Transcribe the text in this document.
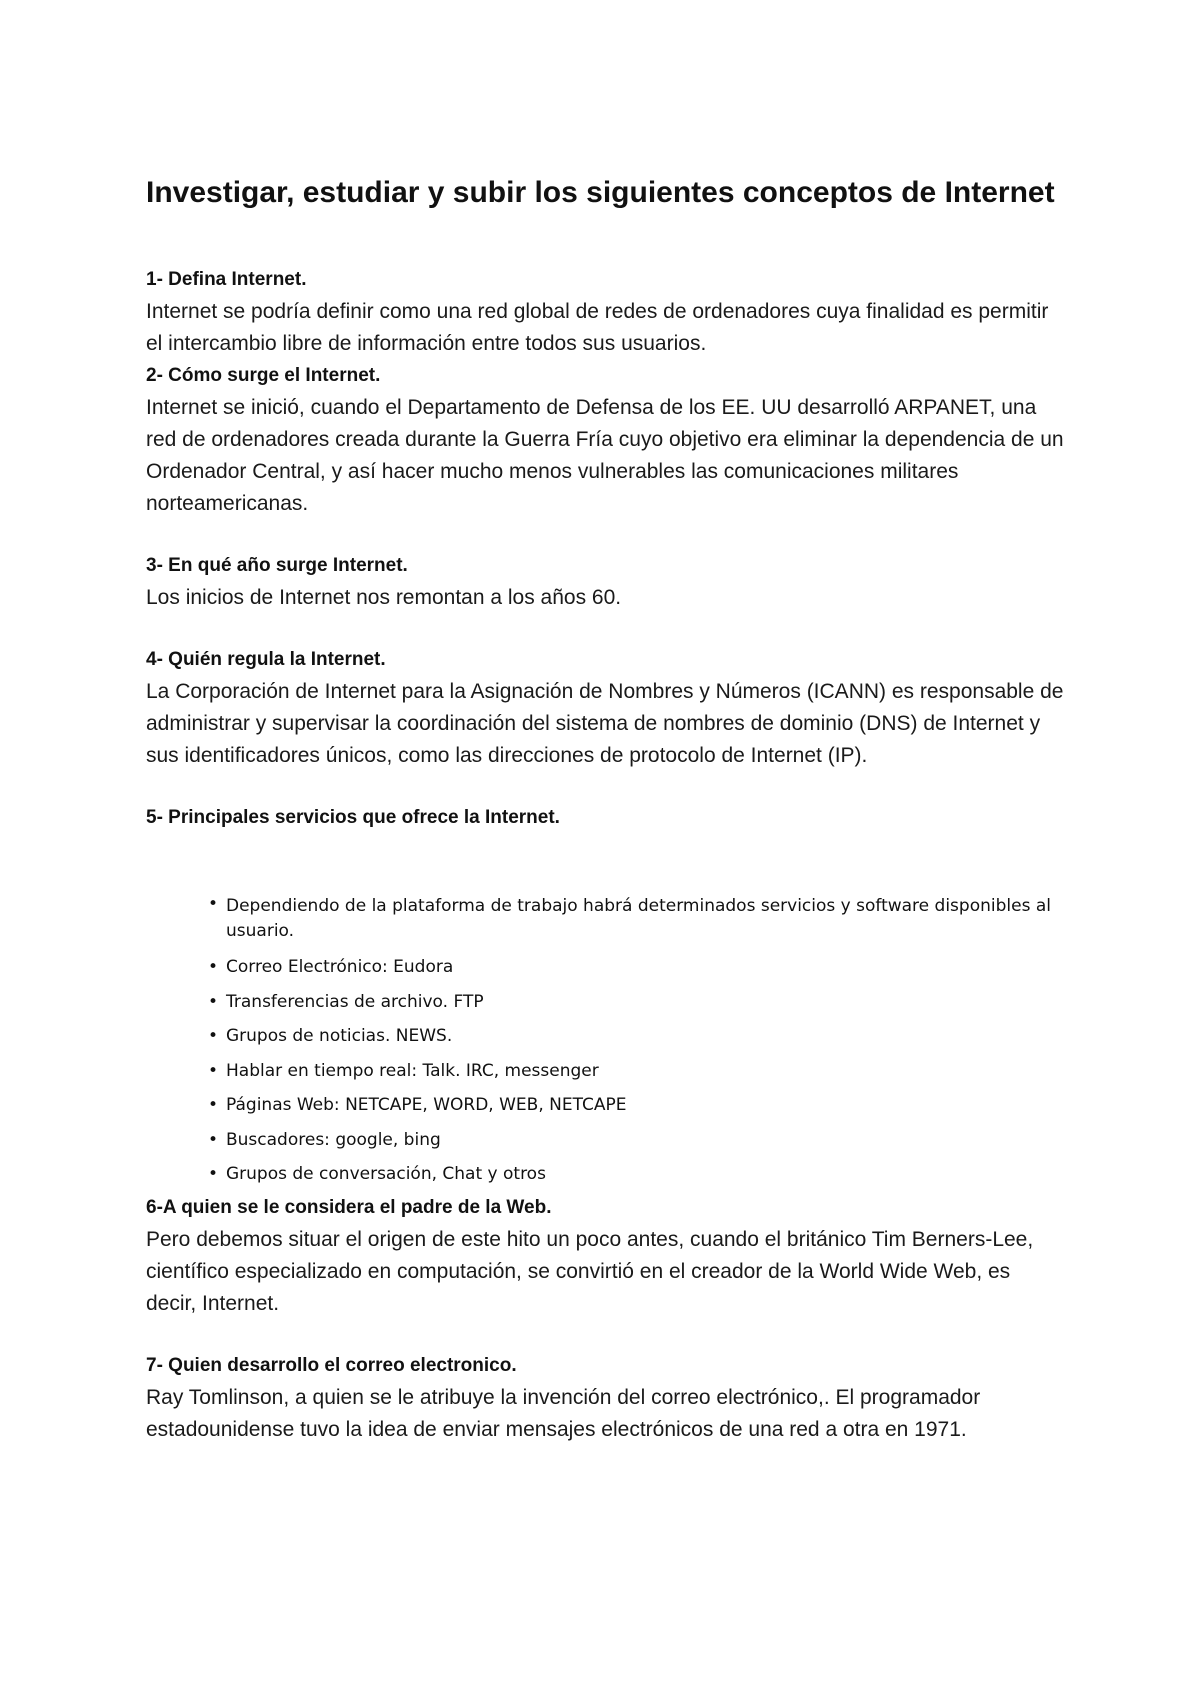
Investigar, estudiar y subir los siguientes conceptos de Internet

1- Defina Internet.

Internet se podría definir como una red global de redes de ordenadores cuya finalidad es permitir el intercambio libre de información entre todos sus usuarios.

2- Cómo surge el Internet.

Internet se inició, cuando el Departamento de Defensa de los EE. UU desarrolló ARPANET, una red de ordenadores creada durante la Guerra Fría cuyo objetivo era eliminar la dependencia de un Ordenador Central, y así hacer mucho menos vulnerables las comunicaciones militares norteamericanas.

3- En qué año surge Internet.

Los inicios de Internet nos remontan a los años 60.

4- Quién regula la Internet.

La Corporación de Internet para la Asignación de Nombres y Números (ICANN) es responsable de administrar y supervisar la coordinación del sistema de nombres de dominio (DNS) de Internet y sus identificadores únicos, como las direcciones de protocolo de Internet (IP).

5- Principales servicios que ofrece la Internet.

• Dependiendo de la plataforma de trabajo habrá determinados servicios y software disponibles al usuario.
• Correo Electrónico: Eudora
• Transferencias de archivo. FTP
• Grupos de noticias. NEWS.
• Hablar en tiempo real: Talk. IRC, messenger
• Páginas Web: NETCAPE, WORD, WEB, NETCAPE
• Buscadores: google, bing
• Grupos de conversación, Chat y otros

6-A quien se le considera el padre de la Web.

Pero debemos situar el origen de este hito un poco antes, cuando el británico Tim Berners-Lee, científico especializado en computación, se convirtió en el creador de la World Wide Web, es decir, Internet.

7- Quien desarrollo el correo electronico.

Ray Tomlinson, a quien se le atribuye la invención del correo electrónico,. El programador estadounidense tuvo la idea de enviar mensajes electrónicos de una red a otra en 1971.
